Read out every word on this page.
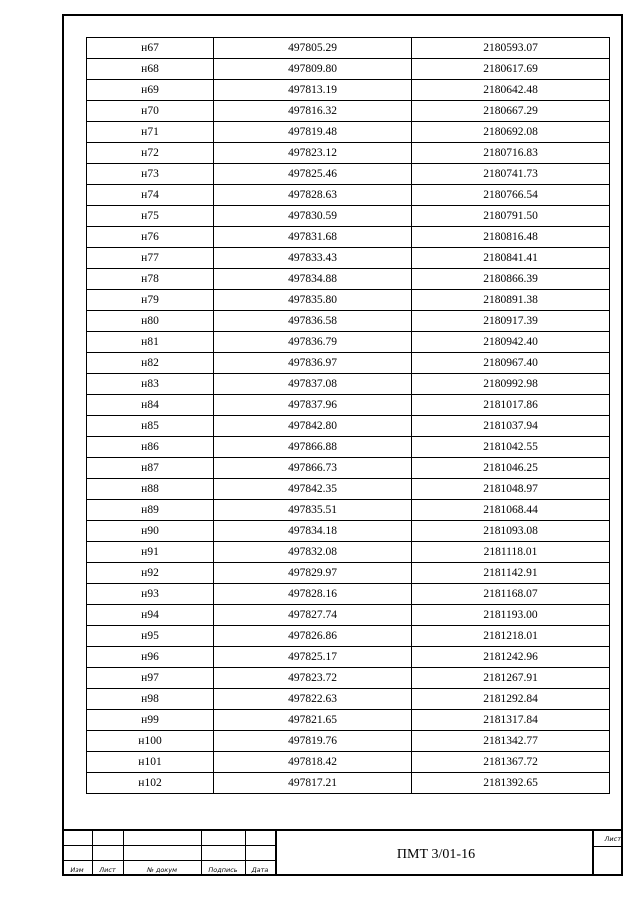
н67	497805.29	2180593.07
н68	497809.80	2180617.69
н69	497813.19	2180642.48
н70	497816.32	2180667.29
н71	497819.48	2180692.08
н72	497823.12	2180716.83
н73	497825.46	2180741.73
н74	497828.63	2180766.54
н75	497830.59	2180791.50
н76	497831.68	2180816.48
н77	497833.43	2180841.41
н78	497834.88	2180866.39
н79	497835.80	2180891.38
н80	497836.58	2180917.39
н81	497836.79	2180942.40
н82	497836.97	2180967.40
н83	497837.08	2180992.98
н84	497837.96	2181017.86
н85	497842.80	2181037.94
н86	497866.88	2181042.55
н87	497866.73	2181046.25
н88	497842.35	2181048.97
н89	497835.51	2181068.44
н90	497834.18	2181093.08
н91	497832.08	2181118.01
н92	497829.97	2181142.91
н93	497828.16	2181168.07
н94	497827.74	2181193.00
н95	497826.86	2181218.01
н96	497825.17	2181242.96
н97	497823.72	2181267.91
н98	497822.63	2181292.84
н99	497821.65	2181317.84
н100	497819.76	2181342.77
н101	497818.42	2181367.72
н102	497817.21	2181392.65
Изм	Лист	№ докум	Подпись	Дата
ПМТ 3/01-16
Лист
